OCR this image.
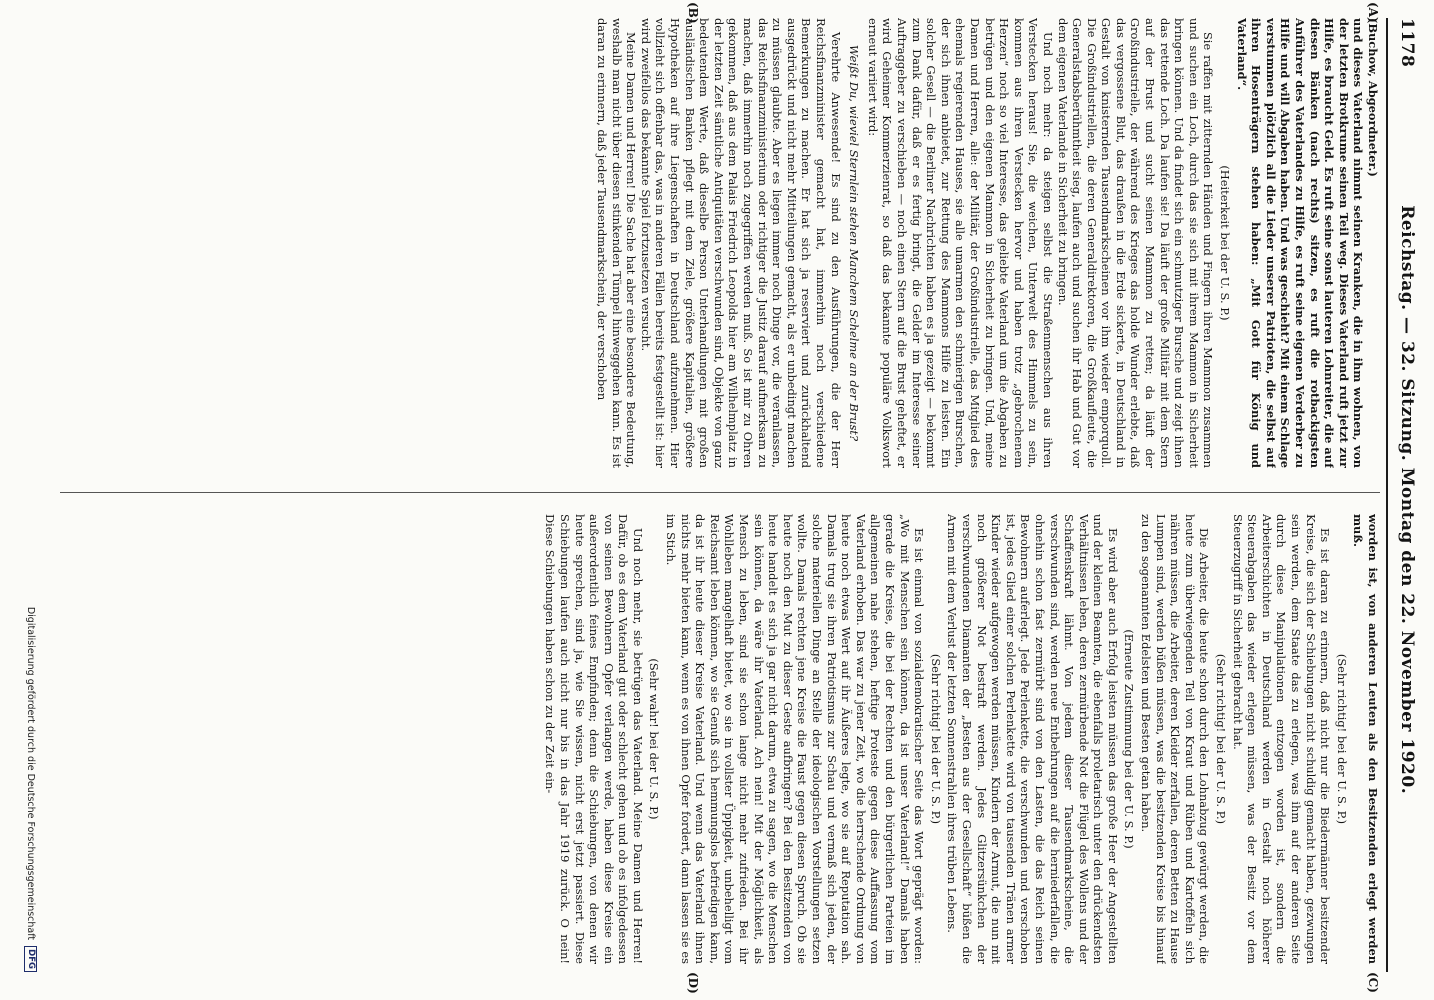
1178
Reichstag. — 32. Sitzung. Montag den 22. November 1920.
(A)
(B)
(C)
(D)

(Buchow, Abgeordneter.)

und dieses Vaterland nimmt seinen Kranken, die in ihm wohnen, von der letzten Brotkrume seinen Teil weg. Dieses Vaterland ruft jetzt zur Hilfe, es braucht Geld. Es ruft seine sonst lauteren Lohnreiter, die auf diesen Bänken (nach rechts) sitzen, es ruft die rotbackigsten Anführer des Vaterlandes zu Hilfe, es ruft seine eigenen Verderber zu Hilfe und will Abgaben haben. Und was geschieht? Mit einem Schlage verstummen plötzlich all die Lieder unserer Patrioten, die selbst auf ihren Hosenträgern stehen haben: „Mit Gott für König und Vaterland“.

(Heiterkeit bei der U. S. P.)

Sie raffen mit zitternden Händen und Fingern ihren Mammon zusammen und suchen ein Loch, durch das sie sich mit ihrem Mammon in Sicherheit bringen können. Und da findet sich ein schmutziger Bursche und zeigt ihnen das rettende Loch. Da laufen sie! Da läuft der große Militär mit dem Stern auf der Brust und sucht seinen Mammon zu retten; da läuft der Großindustrielle, der während des Krieges das holde Wunder erlebte, daß das vergossene Blut, das draußen in die Erde sickerte, in Deutschland in Gestalt von knisternden Tausendmarkscheinen vor ihm wieder emporquoll. Die Großindustriellen, die deren Generaldirektoren, die Großkaufleute, die Generalstabsberühmtheit sieg, laufen auch und suchen ihr Hab und Gut vor dem eigenen Vaterlande in Sicherheit zu bringen.

Und noch mehr: da steigen selbst die Straßenmenschen aus ihren Verstecken heraus! Sie, die weichen, Unterwelt des Himmels zu sein, kommen aus ihren Verstecken hervor und haben trotz „gebrochenem Herzen“ noch so viel Interesse, das geliebte Vaterland um die Abgaben zu betrügen und den eigenen Mammon in Sicherheit zu bringen. Und, meine Damen und Herren, alle: der Militär, der Großindustrielle, das Mitglied des ehemals regierenden Hauses, sie alle umarmen den schmierigen Burschen, der sich ihnen anbietet, zur Rettung des Mammons Hilfe zu leisten. Ein solcher Gesell — die Berliner Nachrichten haben es ja gezeigt — bekommt zum Dank dafür, daß er es fertig bringt, die Gelder im Interesse seiner Auftraggeber zu verschieben — noch einen Stern auf die Brust geheftet, er wird Geheimer Kommerzienrat, so daß das bekannte populäre Volkswort erneut variiert wird:

Weißt Du, wieviel Sternlein stehen Manchem Schelme an der Brust?

Verehrte Anwesende! Es sind zu den Ausführungen, die der Herr Reichsfinanzminister gemacht hat, immerhin noch verschiedene Bemerkungen zu machen. Er hat sich ja reserviert und zurückhaltend ausgedrückt und nicht mehr Mitteilungen gemacht, als er unbedingt machen zu müssen glaubte. Aber es liegen immer noch Dinge vor, die veranlassen, das Reichsfinanzministerium oder richtiger die Justiz darauf aufmerksam zu machen, daß immerhin noch zugegriffen werden muß. So ist mir zu Ohren gekommen, daß aus dem Palais Friedrich Leopolds hier am Wilhelmplatz in der letzten Zeit sämtliche Antiquitäten verschwunden sind, Objekte von ganz bedeutendem Werte, daß dieselbe Person Unterhandlungen mit großen ausländischen Banken pflegt mit dem Ziele, größere Kapitalien, größere Hypotheken auf ihre Liegenschaften in Deutschland aufzunehmen. Hier vollzieht sich offenbar das, was in anderen Fällen bereits festgestellt ist: hier wird zweifellos das bekannte Spiel fortzusetzen versucht.

Meine Damen und Herren! Die Sache hat aber eine besondere Bedeutung, weshalb man nicht über diesen stinkenden Tümpel hinweggehen kann. Es ist daran zu erinnern, daß jeder Tausendmarkschein, der verschoben

worden ist, von anderen Leuten als den Besitzenden erlegt werden muß.

(Sehr richtig! bei der U. S. P.)

Es ist daran zu erinnern, daß nicht nur die Biedermänner besitzender Kreise, die sich der Schiebungen nicht schuldig gemacht haben, gezwungen sein werden, dem Staate das zu erlegen, was ihm auf der anderen Seite durch diese Manipulationen entzogen worden ist, sondern die Arbeiterschichten in Deutschland werden in Gestalt noch höherer Steuerabgaben das wieder erlegen müssen, was der Besitz vor dem Steuerzugriff in Sicherheit gebracht hat.

(Sehr richtig! bei der U. S. P.)

Die Arbeiter, die heute schon durch den Lohnabzug gewürgt werden, die heute zum überwiegenden Teil von Kraut und Rüben und Kartoffeln sich nähren müssen, die Arbeiter, deren Kleider zerfallen, deren Betten zu Hause Lumpen sind, werden büßen müssen, was die besitzenden Kreise bis hinauf zu den sogenannten Edelsten und Besten getan haben.

(Erneute Zustimmung bei der U. S. P.)

Es wird aber auch Erfolg leisten müssen das große Heer der Angestellten und der kleinen Beamten, die ebenfalls proletarisch unter den drückendsten Verhältnissen leben, deren zermürbende Not die Flügel des Wollens und der Schaffenskraft lähmt. Von jedem dieser Tausendmarkscheine, die verschwunden sind, werden neue Entbehrungen auf die herniederfallen, die ohnehin schon fast zermürbt sind von den Lasten, die das Reich seinen Bewohnern auferlegt. Jede Perlenkette, die verschwunden und verschoben ist, jedes Glied einer solchen Perlenkette wird von tausenden Tränen armer Kinder wieder aufgewogen werden müssen, Kindern der Armut, die nun mit noch größerer Not bestraft werden. Jedes Glitzersünkchen der verschwundenen Diamanten der „Besten aus der Gesellschaft“ büßen die Armen mit dem Verlust der letzten Sonnenstrahlen ihres trüben Lebens.

(Sehr richtig! bei der U. S. P.)

Es ist einmal von sozialdemokratischer Seite das Wort geprägt worden: „Wo mit Menschen sein können, da ist unser Vaterland!“ Damals haben gerade die Kreise, die bei der Rechten und den bürgerlichen Parteien im allgemeinen nahe stehen, heftige Proteste gegen diese Auffassung vom Vaterland erhoben. Das war zu jener Zeit, wo die herrschende Ordnung von heute noch etwas Wert auf ihr Äußeres legte, wo sie auf Reputation sah. Damals trug sie ihren Patriotismus zur Schau und vermaß sich jeden, der solche materiellen Dinge an Stelle der ideologischen Vorstellungen setzen wollte. Damals rechten jene Kreise die Faust gegen diesen Spruch. Ob sie heute noch den Mut zu dieser Geste aufbringen? Bei den Besitzenden von heute handelt es sich ja gar nicht darum, etwa zu sagen, wo die Menschen sein können, da wäre ihr Vaterland. Ach nein! Mit der Möglichkeit, als Mensch zu leben, sind sie schon lange nicht mehr zufrieden. Bei ihr Wohlleben mangelhaft bietet, wo sie in vollster Üppigkeit, unbehelligt vom Reichsamt leben können, wo sie Genuß sich hemmungslos befriedigen kann, da ist ihr heute dieser Kreise Vaterland. Und wenn das Vaterland ihnen nichts mehr bieten kann, wenn es von ihnen Opfer fordert, dann lassen sie es im Stich.

(Sehr wahr! bei der U. S. P.)

Und noch mehr, sie betrügen das Vaterland. Meine Damen und Herren! Dafür, ob es dem Vaterland gut oder schlecht gehen und ob es infolgedessen von seinen Bewohnern Opfer verlangen werde, haben diese Kreise ein außerordentlich feines Empfinden; denn die Schiebungen, von denen wir heute sprechen, sind ja, wie Sie wissen, nicht erst jetzt passiert. Diese Schiebungen laufen auch nicht nur bis in das Jahr 1919 zurück. O nein! Diese Schiebungen haben schon zu der Zeit ein-

Digitalisierung gefördert durch die Deutsche Forschungsgemeinschaft
DFG
